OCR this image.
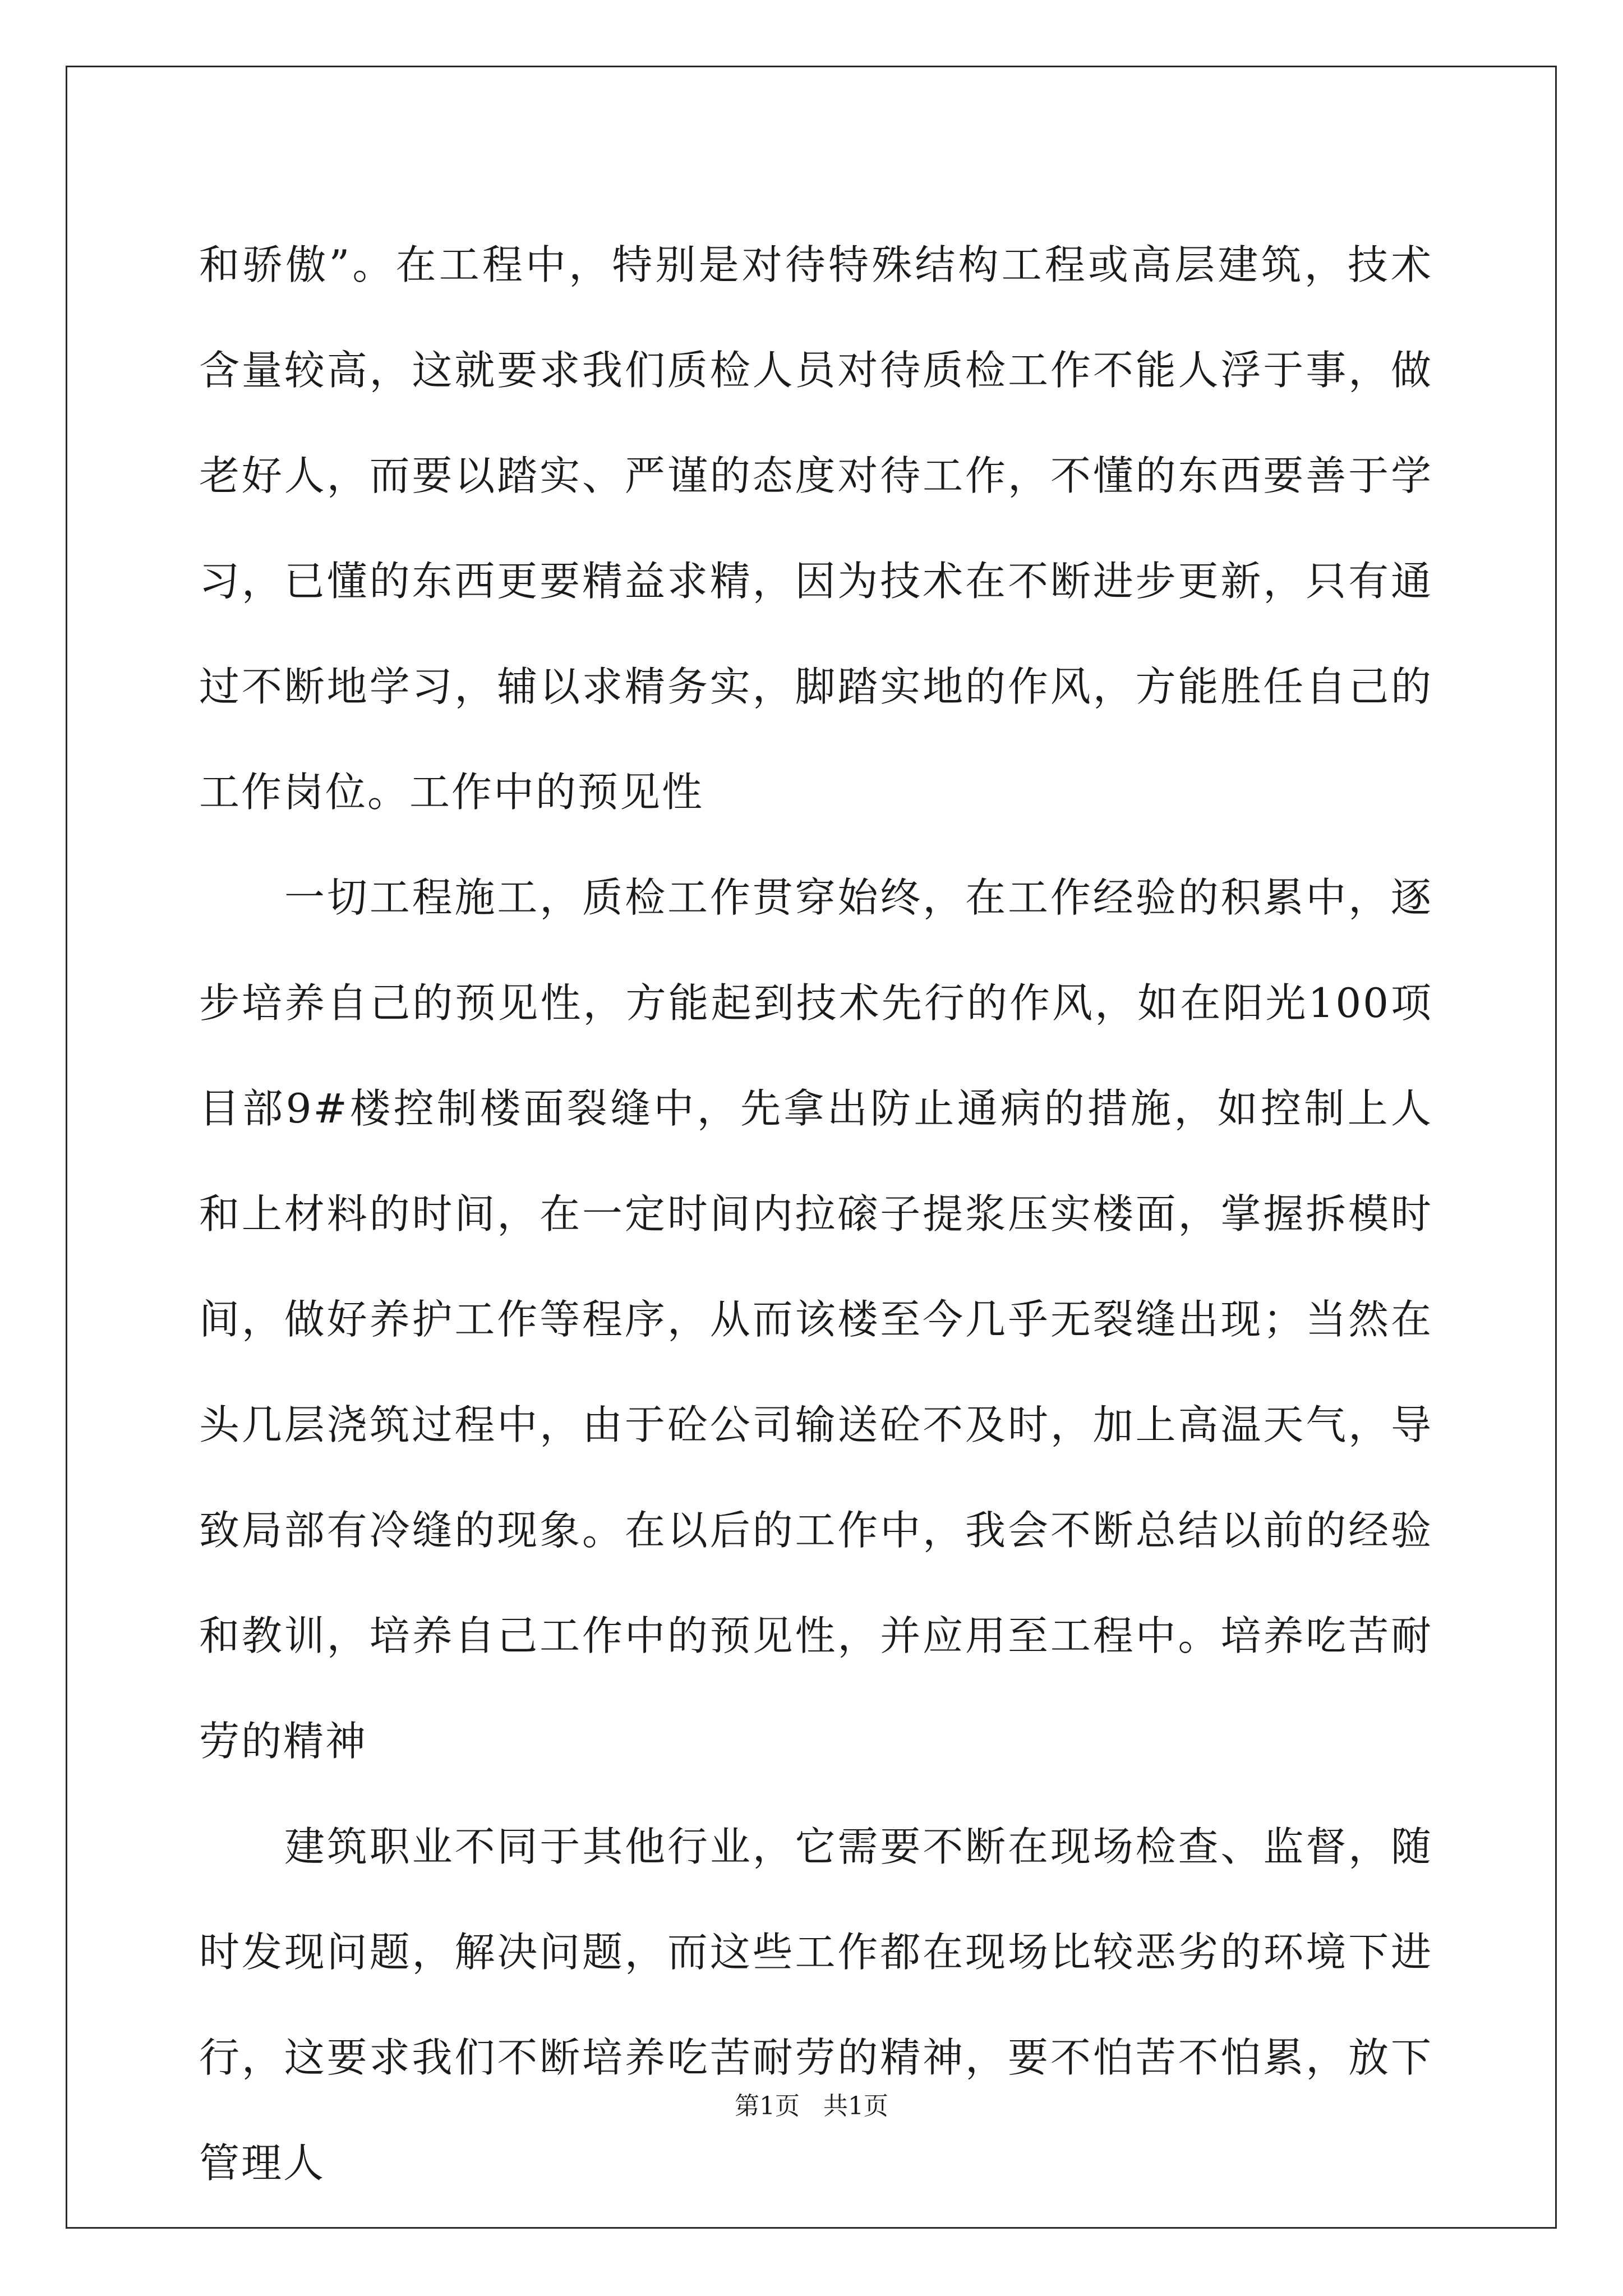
和骄傲”。在工程中，特别是对待特殊结构工程或高层建筑，技术含量较高，这就要求我们质检人员对待质检工作不能人浮于事，做老好人，而要以踏实、严谨的态度对待工作，不懂的东西要善于学习，已懂的东西更要精益求精，因为技术在不断进步更新，只有通过不断地学习，辅以求精务实，脚踏实地的作风，方能胜任自己的工作岗位。工作中的预见性

一切工程施工，质检工作贯穿始终，在工作经验的积累中，逐步培养自己的预见性，方能起到技术先行的作风，如在阳光100项目部9#楼控制楼面裂缝中，先拿出防止通病的措施，如控制上人和上材料的时间，在一定时间内拉磙子提浆压实楼面，掌握拆模时间，做好养护工作等程序，从而该楼至今几乎无裂缝出现；当然在头几层浇筑过程中，由于砼公司输送砼不及时，加上高温天气，导致局部有冷缝的现象。在以后的工作中，我会不断总结以前的经验和教训，培养自己工作中的预见性，并应用至工程中。培养吃苦耐劳的精神

建筑职业不同于其他行业，它需要不断在现场检查、监督，随时发现问题，解决问题，而这些工作都在现场比较恶劣的环境下进行，这要求我们不断培养吃苦耐劳的精神，要不怕苦不怕累，放下管理人

第1页 共1页
